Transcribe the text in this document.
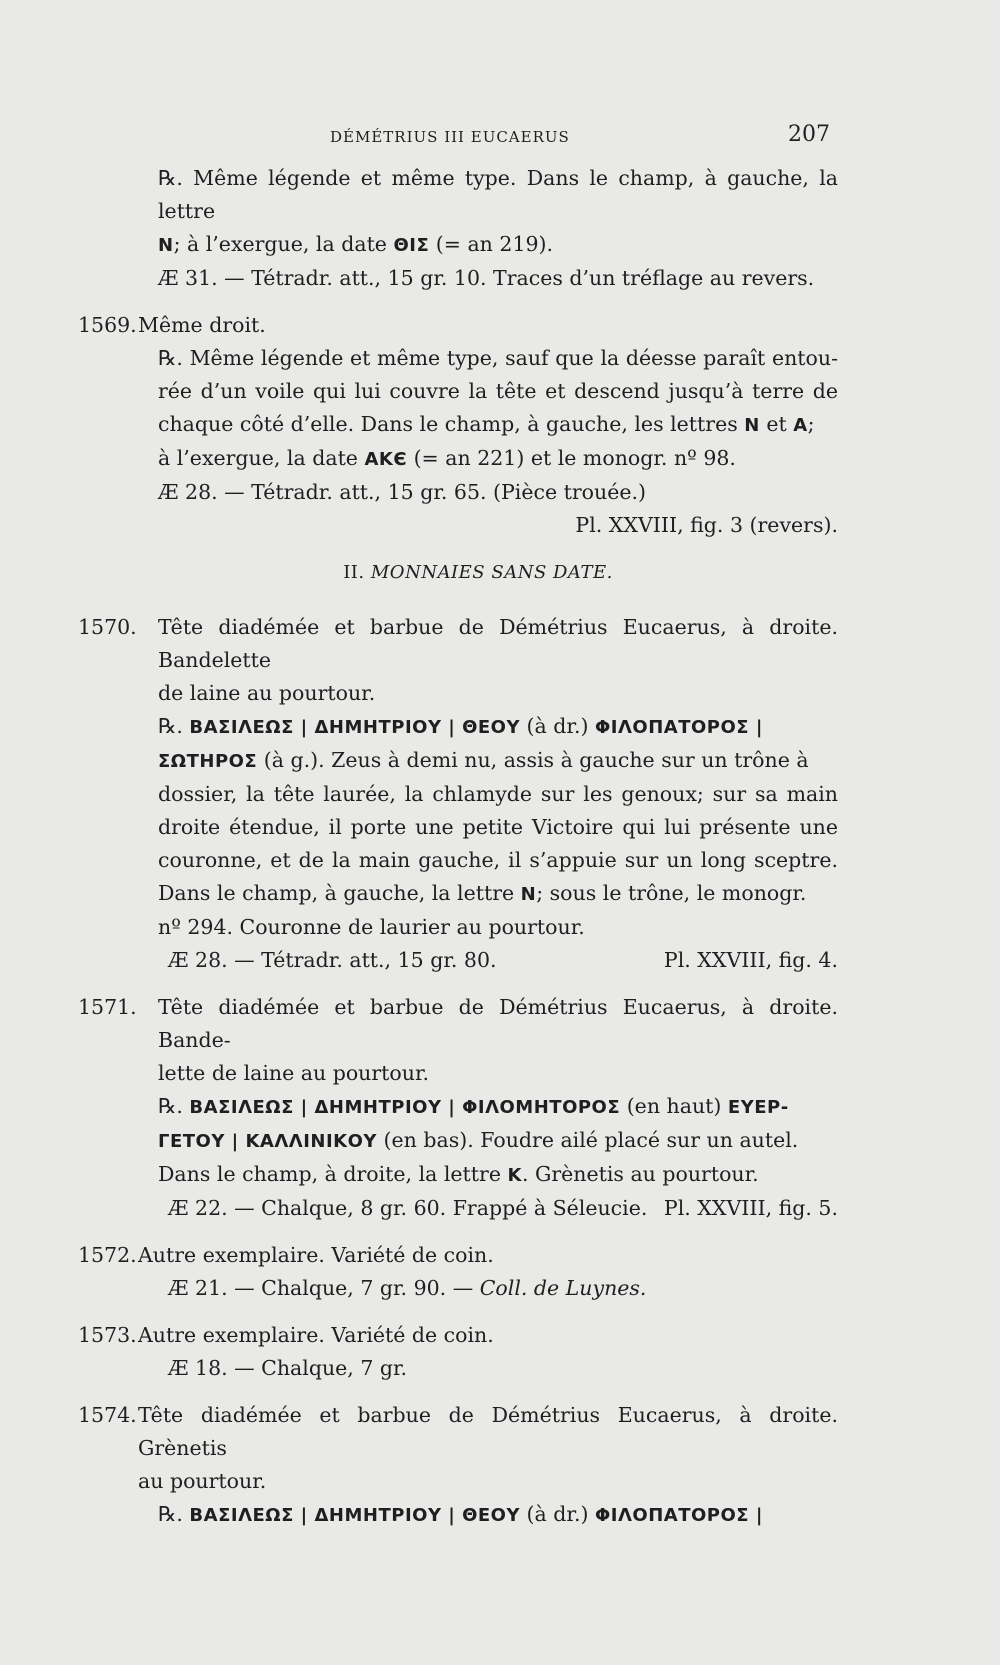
DÉMÉTRIUS III EUCAERUS	207
℞. Même légende et même type. Dans le champ, à gauche, la lettre
N; à l’exergue, la date ΘΙΣ (= an 219).
Æ 31. — Tétradr. att., 15 gr. 10. Traces d’un tréflage au revers.
1569. Même droit.
℞. Même légende et même type, sauf que la déesse paraît entou-
rée d’un voile qui lui couvre la tête et descend jusqu’à terre de
chaque côté d’elle. Dans le champ, à gauche, les lettres N et A;
à l’exergue, la date AKЄ (= an 221) et le monogr. nº 98.
Æ 28. — Tétradr. att., 15 gr. 65. (Pièce trouée.)
Pl. XXVIII, fig. 3 (revers).

II. MONNAIES SANS DATE.
1570. Tête diadémée et barbue de Démétrius Eucaerus, à droite. Bandelette
de laine au pourtour.
℞. ΒΑΣΙΛΕΩΣ | ΔΗΜΗΤΡΙΟΥ | ΘΕΟΥ (à dr.) ΦΙΛΟΠΑΤΟΡΟΣ |
ΣΩΤΗΡΟΣ (à g.). Zeus à demi nu, assis à gauche sur un trône à
dossier, la tête laurée, la chlamyde sur les genoux; sur sa main
droite étendue, il porte une petite Victoire qui lui présente une
couronne, et de la main gauche, il s’appuie sur un long sceptre.
Dans le champ, à gauche, la lettre N; sous le trône, le monogr.
nº 294. Couronne de laurier au pourtour.
Æ 28. — Tétradr. att., 15 gr. 80.	Pl. XXVIII, fig. 4.
1571. Tête diadémée et barbue de Démétrius Eucaerus, à droite. Bande-
lette de laine au pourtour.
℞. ΒΑΣΙΛΕΩΣ | ΔΗΜΗΤΡΙΟΥ | ΦΙΛΟΜΗΤΟΡΟΣ (en haut) ΕΥΕΡ-
ΓΕΤΟΥ | ΚΑΛΛΙΝΙΚΟΥ (en bas). Foudre ailé placé sur un autel.
Dans le champ, à droite, la lettre K. Grènetis au pourtour.
Æ 22. — Chalque, 8 gr. 60. Frappé à Séleucie. Pl. XXVIII, fig. 5.
1572. Autre exemplaire. Variété de coin.
Æ 21. — Chalque, 7 gr. 90. — Coll. de Luynes.
1573. Autre exemplaire. Variété de coin.
Æ 18. — Chalque, 7 gr.
1574. Tête diadémée et barbue de Démétrius Eucaerus, à droite. Grènetis
au pourtour.
℞. ΒΑΣΙΛΕΩΣ | ΔΗΜΗΤΡΙΟΥ | ΘΕΟΥ (à dr.) ΦΙΛΟΠΑΤΟΡΟΣ |
